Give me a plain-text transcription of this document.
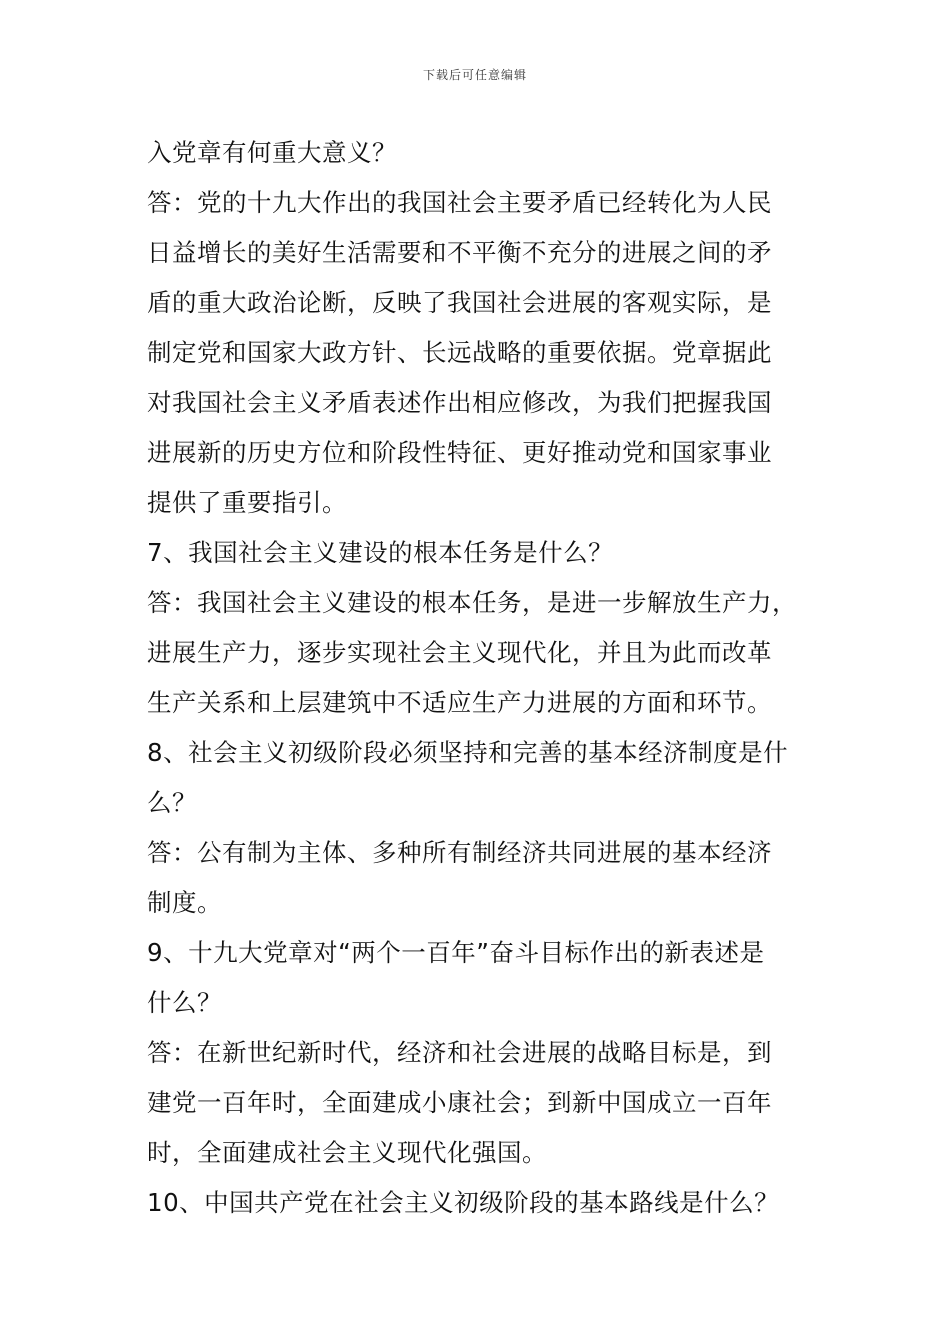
下载后可任意编辑
入党章有何重大意义？
答：党的十九大作出的我国社会主要矛盾已经转化为人民
日益增长的美好生活需要和不平衡不充分的进展之间的矛
盾的重大政治论断，反映了我国社会进展的客观实际，是
制定党和国家大政方针、长远战略的重要依据。党章据此
对我国社会主义矛盾表述作出相应修改，为我们把握我国
进展新的历史方位和阶段性特征、更好推动党和国家事业
提供了重要指引。
7、我国社会主义建设的根本任务是什么？
答：我国社会主义建设的根本任务，是进一步解放生产力，
进展生产力，逐步实现社会主义现代化，并且为此而改革
生产关系和上层建筑中不适应生产力进展的方面和环节。
8、社会主义初级阶段必须坚持和完善的基本经济制度是什
么？
答：公有制为主体、多种所有制经济共同进展的基本经济
制度。
9、十九大党章对“两个一百年”奋斗目标作出的新表述是
什么？
答：在新世纪新时代，经济和社会进展的战略目标是，到
建党一百年时，全面建成小康社会；到新中国成立一百年
时，全面建成社会主义现代化强国。
10、中国共产党在社会主义初级阶段的基本路线是什么？
